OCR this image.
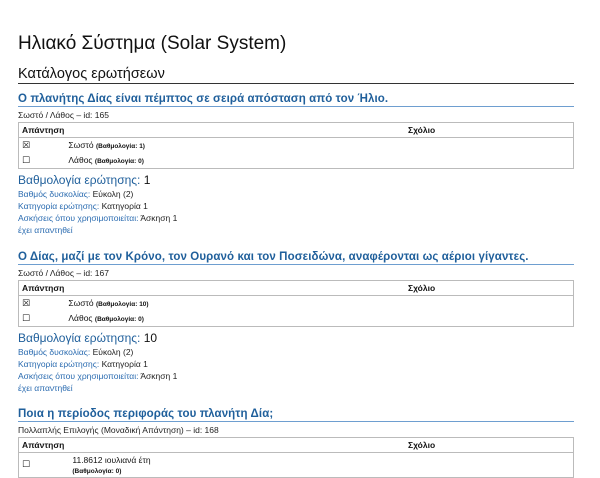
Ηλιακό Σύστημα (Solar System)
Κατάλογος ερωτήσεων
Ο πλανήτης Δίας είναι πέμπτος σε σειρά απόσταση από τον Ήλιο.
Σωστό / Λάθος – id: 165
Απάντηση	Σχόλιο
☒ Σωστό (Βαθμολογία: 1)	
☐ Λάθος (Βαθμολογία: 0)	
Βαθμολογία ερώτησης: 1
Βαθμός δυσκολίας: Εύκολη (2)
Κατηγορία ερώτησης: Κατηγορία 1
Ασκήσεις όπου χρησιμοποιείται: Άσκηση 1
έχει απαντηθεί
Ο Δίας, μαζί με τον Κρόνο, τον Ουρανό και τον Ποσειδώνα, αναφέρονται ως αέριοι γίγαντες.
Σωστό / Λάθος – id: 167
Απάντηση	Σχόλιο
☒ Σωστό (Βαθμολογία: 10)	
☐ Λάθος (Βαθμολογία: 0)	
Βαθμολογία ερώτησης: 10
Βαθμός δυσκολίας: Εύκολη (2)
Κατηγορία ερώτησης: Κατηγορία 1
Ασκήσεις όπου χρησιμοποιείται: Άσκηση 1
έχει απαντηθεί
Ποια η περίοδος περιφοράς του πλανήτη Δία;
Πολλαπλής Επιλογής (Μοναδική Απάντηση) – id: 168
Απάντηση	Σχόλιο
☐ 11.8612 ιουλιανά έτη
(Βαθμολογία: 0)	
